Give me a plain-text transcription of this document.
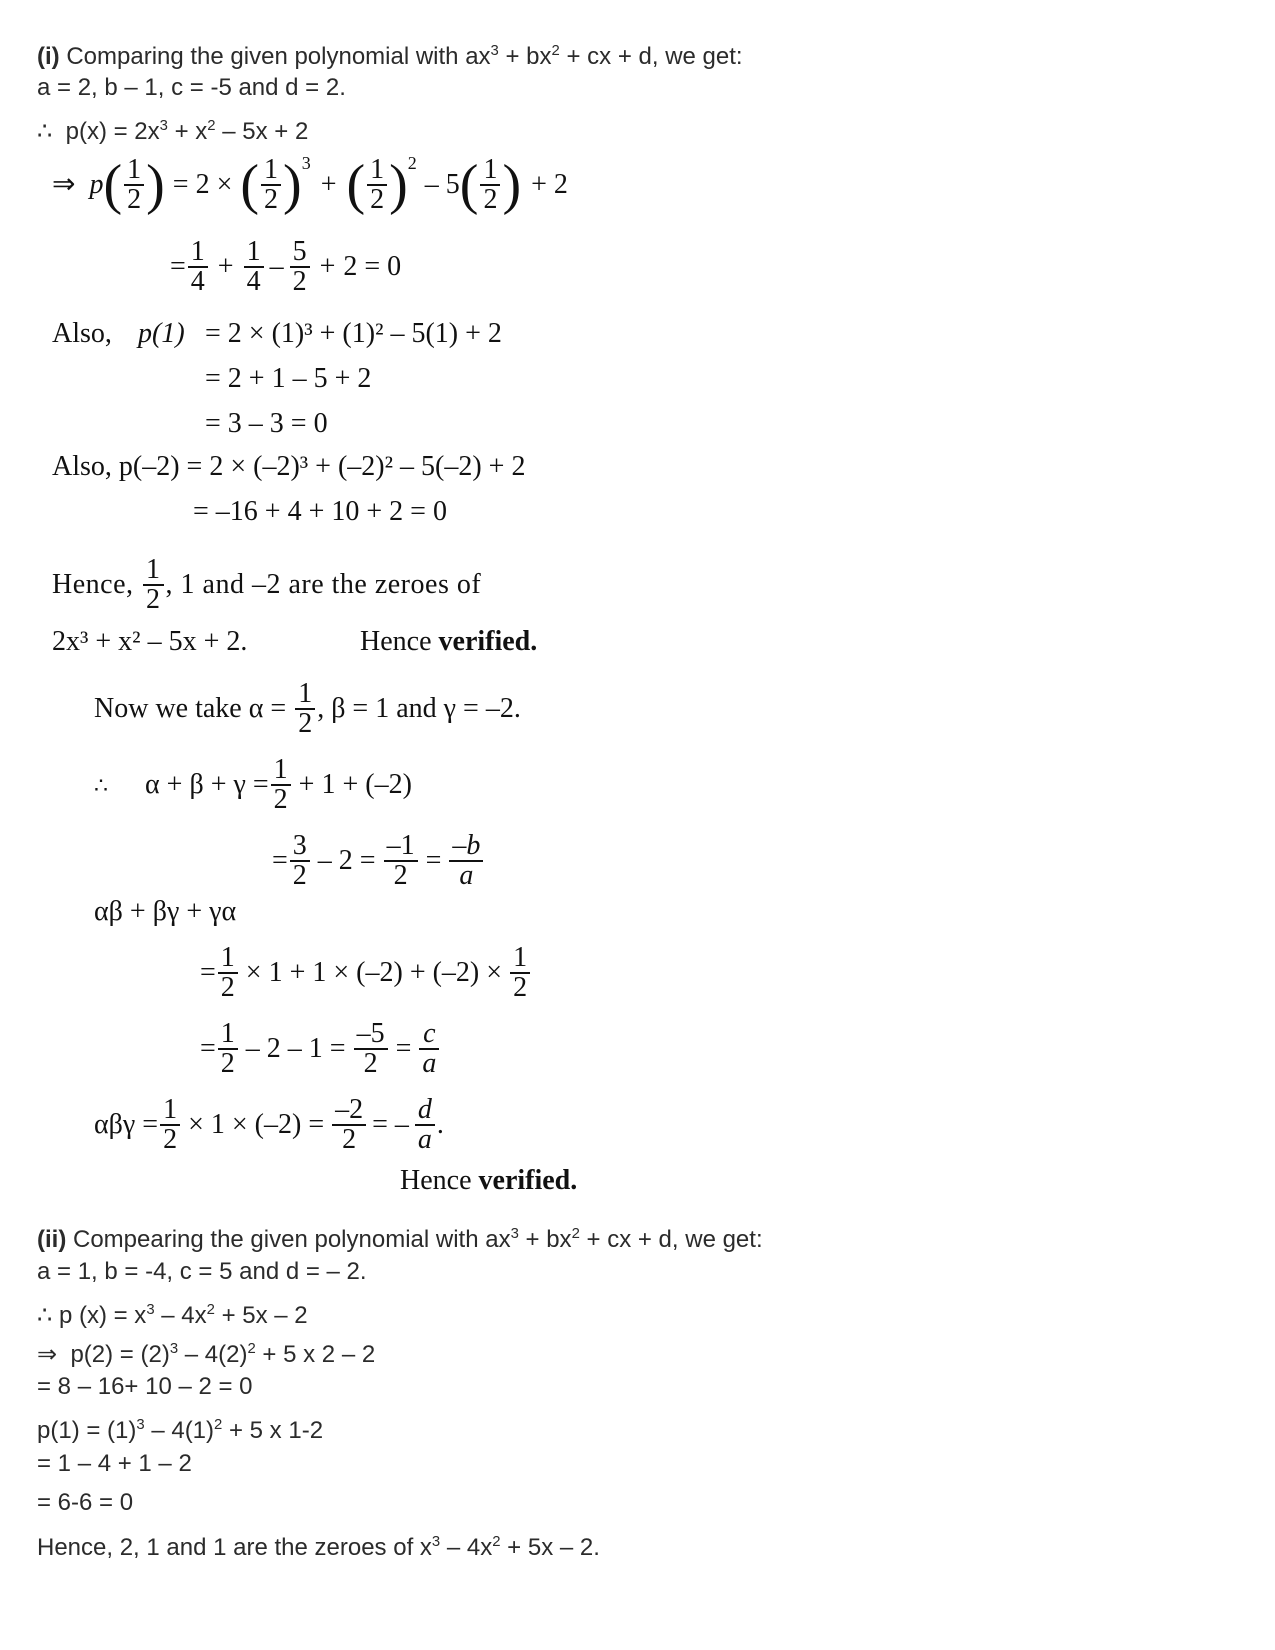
(i) Comparing the given polynomial with $ax^3 + bx^2$ + cx + d, we get:
a = 2, b – 1, c = -5 and d = 2.
∴ $p(x) = 2x^3 + x^2 - 5x + 2$
⇒ p ( $\frac{1}{2}$ ) = 2 × ( $\frac{1}{2} )^3$
+ ( $\frac{1}{2} )^2$
– 5 ( $\frac{1}{2}$ ) + 2
= $\frac{1}{4} + \frac{1}{4} - \frac{5}{2} + 2$
= 0
Also, p(1) = 2 × (1)³ + (1)² – 5(1) + 2
= 2 + 1 – 5 + 2
= 3 – 3 = 0
Also, p(–2) = 2 × (–2)³ + (–2)² – 5(–2) + 2
= –16 + 4 + 10 + 2 = 0
Hence,
$\frac{1}{2}$ , 1 and –2 are the zeroes of
2x³ + x² – 5x + 2.	Hence verified.
Now we take α =
$\frac{1}{2}$ , β = 1 and γ = –2.
∴ $\alpha + \beta + \gamma = \frac{1}{2} + 1 + (-2)$
= $\frac{3}{2} - 2 = \frac{-1}{2} = \frac{-b}{a}$
αβ + βγ + γα
= $\frac{1}{2} \times 1 + 1 \times (-2) + (-2) \times \frac{1}{2}$
= $\frac{1}{2} - 2 - 1 = \frac{-5}{2} = \frac{c}{a}$
$\alpha\beta\gamma = \frac{1}{2} \times 1 \times (-2) = \frac{-2}{2}$ = – $\frac{d}{a}$ .
Hence verified.
(ii) Compearing the given polynomial with $ax^3 + bx^2$ + cx + d, we get:
a = 1, b = -4, c = 5 and d = – 2.
∴ p $(x) = x^3 - 4x^2 + 5x - 2$
⇒ $p(2) = (2)^3 - 4(2)^2 + 5$ x 2 – 2
= 8 – 16+ 10 – 2 = 0
$p(1) = (1)^3 - 4(1)^2 + 5$ x 1-2
= 1 – 4 + 1 – 2
= 6-6 = 0
Hence, 2, 1 and 1 are the zeroes of $x^3 - 4x^2 + 5x - 2$.
